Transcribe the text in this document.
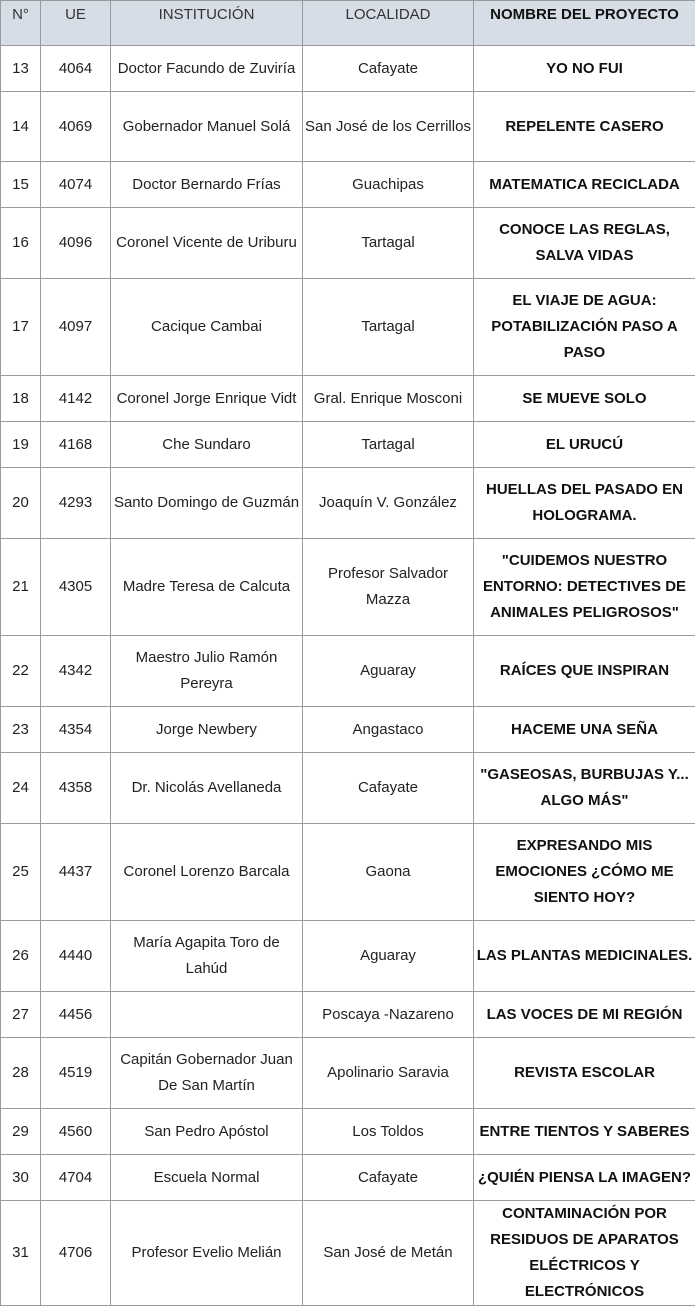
N°	UE	INSTITUCIÓN	LOCALIDAD	NOMBRE DEL PROYECTO
13	4064	Doctor Facundo de Zuviría	Cafayate	YO NO FUI
14	4069	Gobernador Manuel Solá	San José de los Cerrillos	REPELENTE CASERO
15	4074	Doctor Bernardo Frías	Guachipas	MATEMATICA RECICLADA
16	4096	Coronel Vicente de Uriburu	Tartagal	CONOCE LAS REGLAS, SALVA VIDAS
17	4097	Cacique Cambai	Tartagal	EL VIAJE DE AGUA: POTABILIZACIÓN PASO A PASO
18	4142	Coronel Jorge Enrique Vidt	Gral. Enrique Mosconi	SE MUEVE SOLO
19	4168	Che Sundaro	Tartagal	EL URUCÚ
20	4293	Santo Domingo de Guzmán	Joaquín V. González	HUELLAS DEL PASADO EN HOLOGRAMA.
21	4305	Madre Teresa de Calcuta	Profesor Salvador Mazza	"CUIDEMOS NUESTRO ENTORNO: DETECTIVES DE ANIMALES PELIGROSOS"
22	4342	Maestro Julio Ramón Pereyra	Aguaray	RAÍCES QUE INSPIRAN
23	4354	Jorge Newbery	Angastaco	HACEME UNA SEÑA
24	4358	Dr. Nicolás Avellaneda	Cafayate	"GASEOSAS, BURBUJAS Y... ALGO MÁS"
25	4437	Coronel Lorenzo Barcala	Gaona	EXPRESANDO MIS EMOCIONES ¿CÓMO ME SIENTO HOY?
26	4440	María Agapita Toro de Lahúd	Aguaray	LAS PLANTAS MEDICINALES.
27	4456		Poscaya -Nazareno	LAS VOCES DE MI REGIÓN
28	4519	Capitán Gobernador Juan De San Martín	Apolinario Saravia	REVISTA ESCOLAR
29	4560	San Pedro Apóstol	Los Toldos	ENTRE TIENTOS Y SABERES
30	4704	Escuela Normal	Cafayate	¿QUIÉN PIENSA LA IMAGEN?
31	4706	Profesor Evelio Melián	San José de Metán	CONTAMINACIÓN POR RESIDUOS DE APARATOS ELÉCTRICOS Y ELECTRÓNICOS
